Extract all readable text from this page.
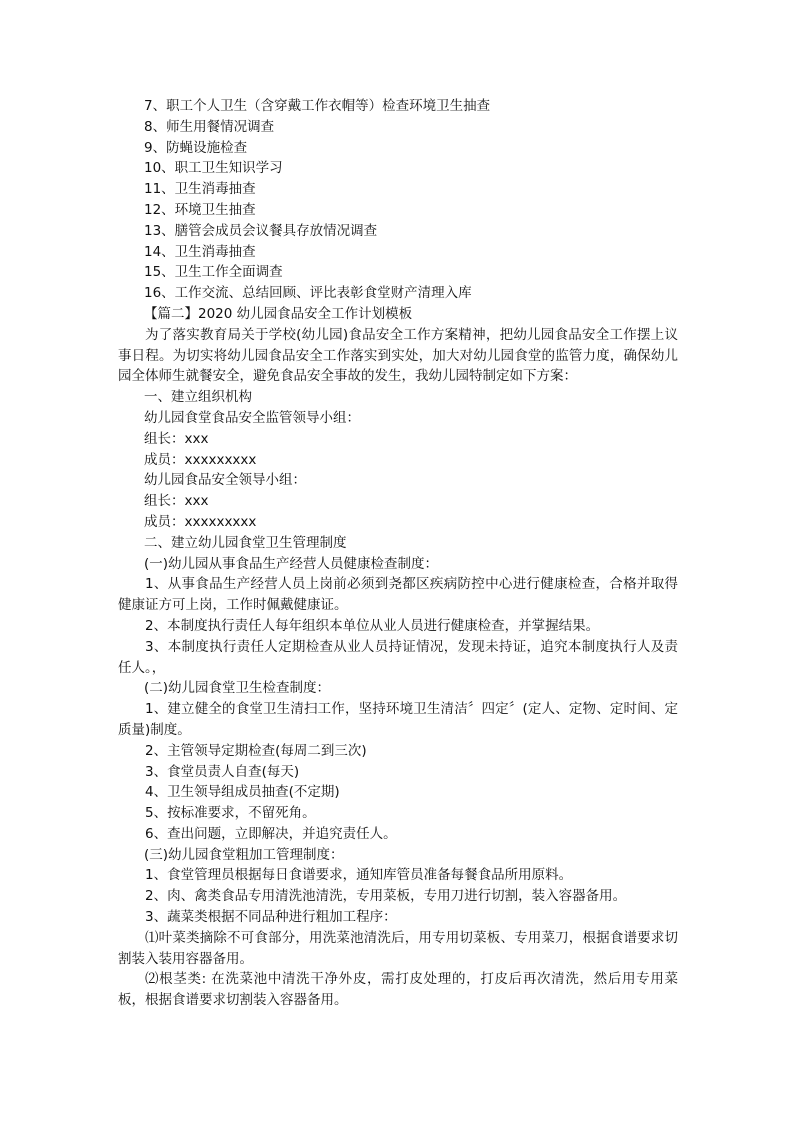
7、职工个人卫生（含穿戴工作衣帽等）检查环境卫生抽查

8、师生用餐情况调查

9、防蝇设施检查

10、职工卫生知识学习

11、卫生消毒抽查

12、环境卫生抽查

13、膳管会成员会议餐具存放情况调查

14、卫生消毒抽查

15、卫生工作全面调查

16、工作交流、总结回顾、评比表彰食堂财产清理入库

【篇二】2020 幼儿园食品安全工作计划模板

为了落实教育局关于学校(幼儿园)食品安全工作方案精神，把幼儿园食品安全工作摆上议事日程。为切实将幼儿园食品安全工作落实到实处，加大对幼儿园食堂的监管力度，确保幼儿园全体师生就餐安全，避免食品安全事故的发生，我幼儿园特制定如下方案：

一、建立组织机构

幼儿园食堂食品安全监管领导小组：

组长：xxx

成员：xxxxxxxxx

幼儿园食品安全领导小组：

组长：xxx

成员：xxxxxxxxx

二、建立幼儿园食堂卫生管理制度

(一)幼儿园从事食品生产经营人员健康检查制度：

1、从事食品生产经营人员上岗前必须到尧都区疾病防控中心进行健康检查，合格并取得健康证方可上岗，工作时佩戴健康证。

2、本制度执行责任人每年组织本单位从业人员进行健康检查，并掌握结果。

3、本制度执行责任人定期检查从业人员持证情况，发现未持证，追究本制度执行人及责任人。，

(二)幼儿园食堂卫生检查制度：

1、建立健全的食堂卫生清扫工作，坚持环境卫生清洁〞四定〞(定人、定物、定时间、定质量)制度。

2、主管领导定期检查(每周二到三次)

3、食堂员责人自查(每天)

4、卫生领导组成员抽查(不定期)

5、按标准要求，不留死角。

6、查出问题，立即解决，并追究责任人。

(三)幼儿园食堂粗加工管理制度：

1、食堂管理员根据每日食谱要求，通知库管员准备每餐食品所用原料。

2、肉、禽类食品专用清洗池清洗，专用菜板，专用刀进行切割，装入容器备用。

3、蔬菜类根据不同品种进行粗加工程序：

⑴叶菜类摘除不可食部分，用洗菜池清洗后，用专用切菜板、专用菜刀，根据食谱要求切割装入装用容器备用。

⑵根茎类: 在洗菜池中清洗干净外皮，需打皮处理的，打皮后再次清洗，然后用专用菜板，根据食谱要求切割装入容器备用。
